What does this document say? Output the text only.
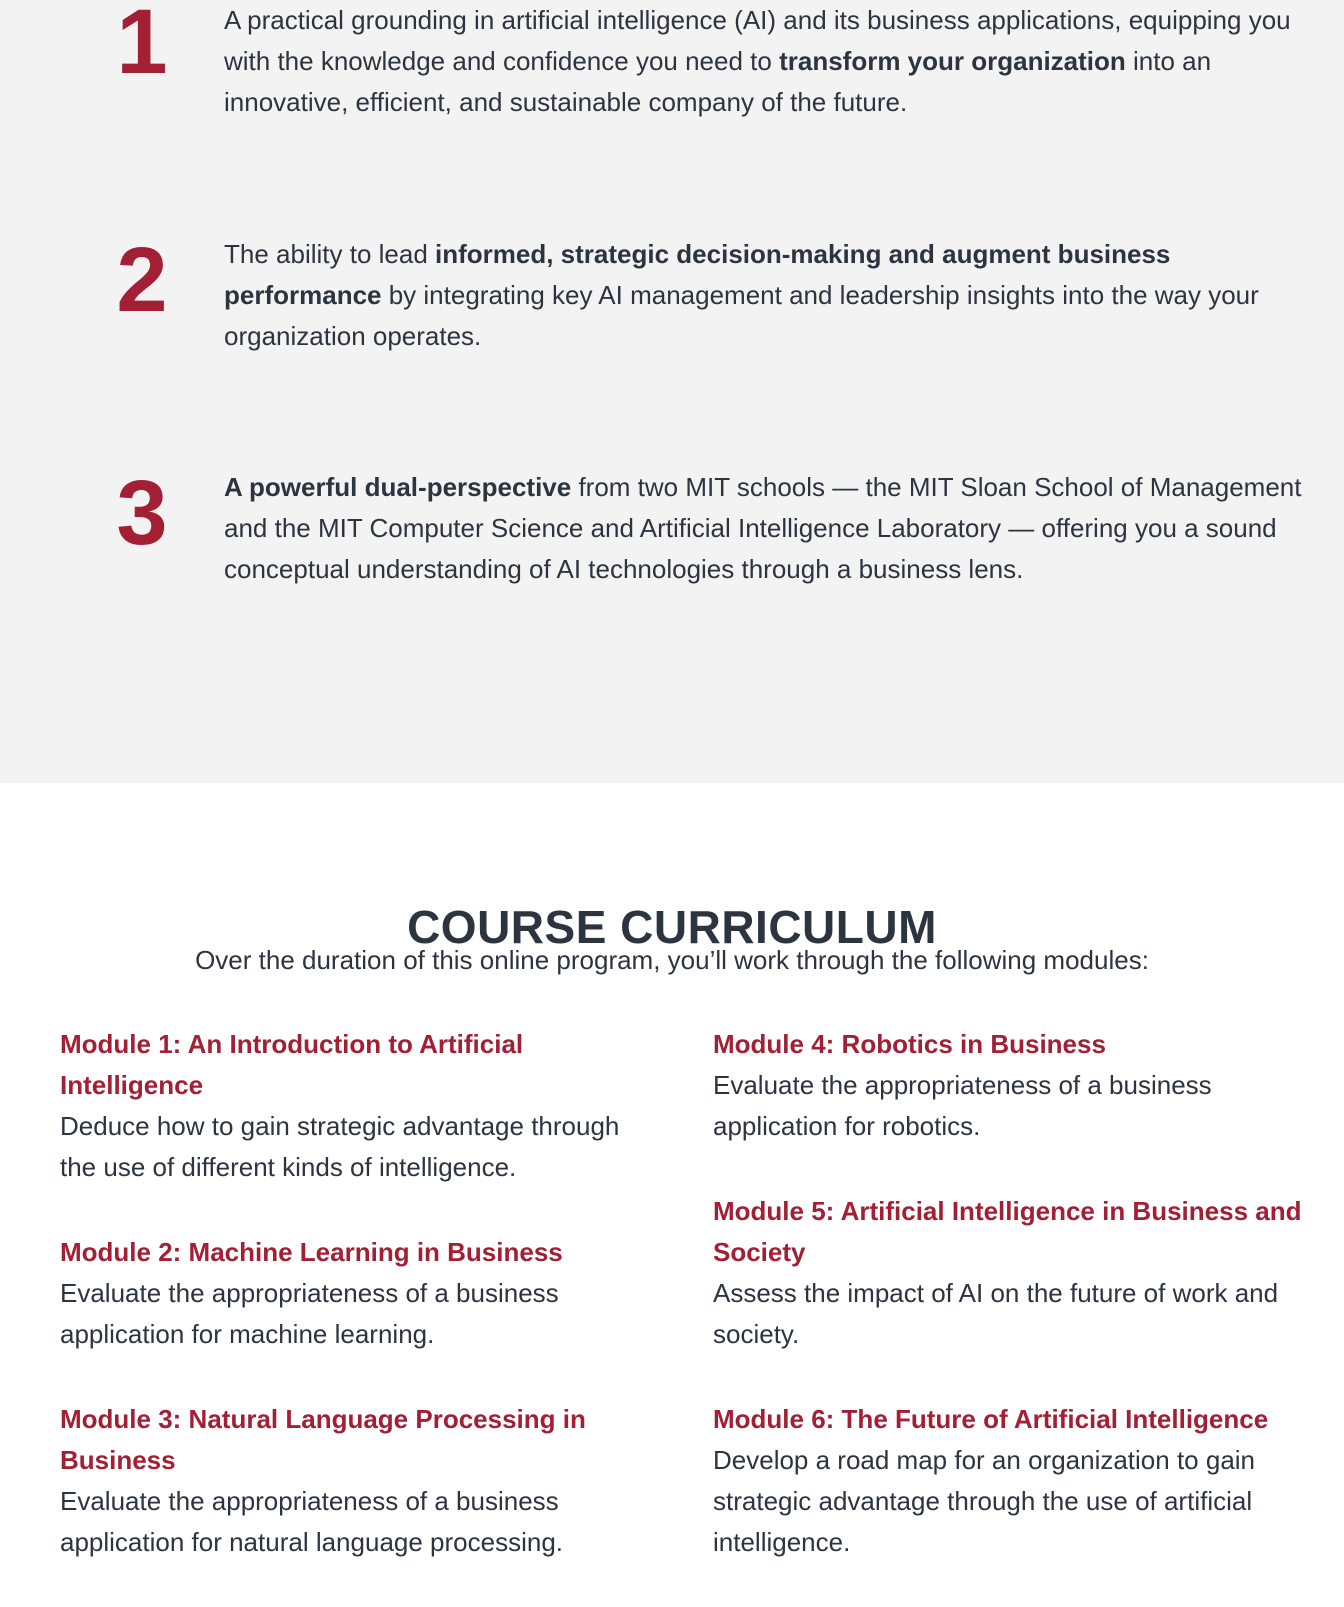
1 A practical grounding in artificial intelligence (AI) and its business applications, equipping you with the knowledge and confidence you need to transform your organization into an innovative, efficient, and sustainable company of the future.
2 The ability to lead informed, strategic decision-making and augment business performance by integrating key AI management and leadership insights into the way your organization operates.
3 A powerful dual-perspective from two MIT schools — the MIT Sloan School of Management and the MIT Computer Science and Artificial Intelligence Laboratory — offering you a sound conceptual understanding of AI technologies through a business lens.
COURSE CURRICULUM

Over the duration of this online program, you’ll work through the following modules:

Module 1: An Introduction to Artificial Intelligence
Deduce how to gain strategic advantage through the use of different kinds of intelligence.
Module 2: Machine Learning in Business
Evaluate the appropriateness of a business application for machine learning.
Module 3: Natural Language Processing in Business
Evaluate the appropriateness of a business application for natural language processing.
Module 4: Robotics in Business
Evaluate the appropriateness of a business application for robotics.
Module 5: Artificial Intelligence in Business and Society
Assess the impact of AI on the future of work and society.
Module 6: The Future of Artificial Intelligence
Develop a road map for an organization to gain strategic advantage through the use of artificial intelligence.
